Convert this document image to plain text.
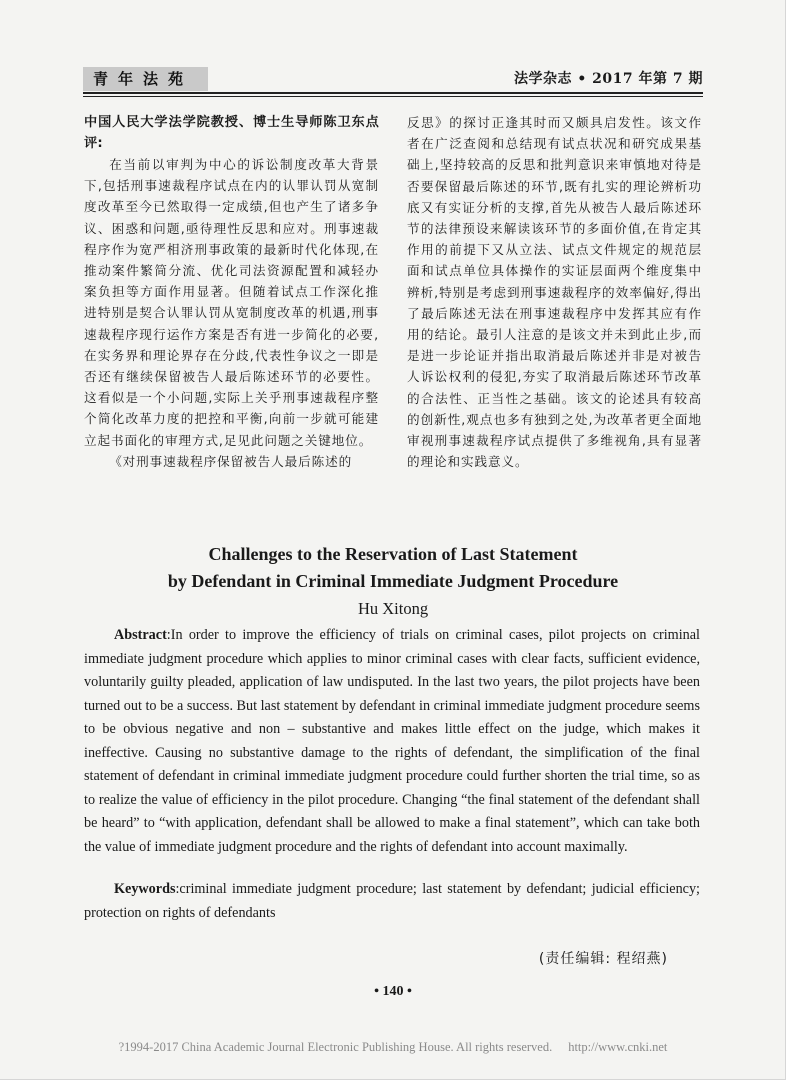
青年法苑	法学杂志 • 2017 年第 7 期

中国人民大学法学院教授、博士生导师陈卫东点评:

在当前以审判为中心的诉讼制度改革大背景下,包括刑事速裁程序试点在内的认罪认罚从宽制度改革至今已然取得一定成绩,但也产生了诸多争议、困惑和问题,亟待理性反思和应对。刑事速裁程序作为宽严相济刑事政策的最新时代化体现,在推动案件繁简分流、优化司法资源配置和减轻办案负担等方面作用显著。但随着试点工作深化推进特别是契合认罪认罚从宽制度改革的机遇,刑事速裁程序现行运作方案是否有进一步简化的必要,在实务界和理论界存在分歧,代表性争议之一即是否还有继续保留被告人最后陈述环节的必要性。这看似是一个小问题,实际上关乎刑事速裁程序整个简化改革力度的把控和平衡,向前一步就可能建立起书面化的审理方式,足见此问题之关键地位。

《对刑事速裁程序保留被告人最后陈述的

反思》的探讨正逢其时而又颇具启发性。该文作者在广泛查阅和总结现有试点状况和研究成果基础上,坚持较高的反思和批判意识来审慎地对待是否要保留最后陈述的环节,既有扎实的理论辨析功底又有实证分析的支撑,首先从被告人最后陈述环节的法律预设来解读该环节的多面价值,在肯定其作用的前提下又从立法、试点文件规定的规范层面和试点单位具体操作的实证层面两个维度集中辨析,特别是考虑到刑事速裁程序的效率偏好,得出了最后陈述无法在刑事速裁程序中发挥其应有作用的结论。最引人注意的是该文并未到此止步,而是进一步论证并指出取消最后陈述并非是对被告人诉讼权利的侵犯,夯实了取消最后陈述环节改革的合法性、正当性之基础。该文的论述具有较高的创新性,观点也多有独到之处,为改革者更全面地审视刑事速裁程序试点提供了多维视角,具有显著的理论和实践意义。

Challenges to the Reservation of Last Statement
by Defendant in Criminal Immediate Judgment Procedure
Hu Xitong

Abstract:In order to improve the efficiency of trials on criminal cases, pilot projects on criminal immediate judgment procedure which applies to minor criminal cases with clear facts, sufficient evidence, voluntarily guilty pleaded, application of law undisputed. In the last two years, the pilot projects have been turned out to be a success. But last statement by defendant in criminal immediate judgment procedure seems to be obvious negative and non – substantive and makes little effect on the judge, which makes it ineffective. Causing no substantive damage to the rights of defendant, the simplification of the final statement of defendant in criminal immediate judgment procedure could further shorten the trial time, so as to realize the value of efficiency in the pilot procedure. Changing “the final statement of the defendant shall be heard” to “with application, defendant shall be allowed to make a final statement”, which can take both the value of immediate judgment procedure and the rights of defendant into account maximally.

Keywords:criminal immediate judgment procedure; last statement by defendant; judicial efficiency; protection on rights of defendants

(责任编辑: 程绍燕)
• 140 •
?1994-2017 China Academic Journal Electronic Publishing House. All rights reserved. http://www.cnki.net
